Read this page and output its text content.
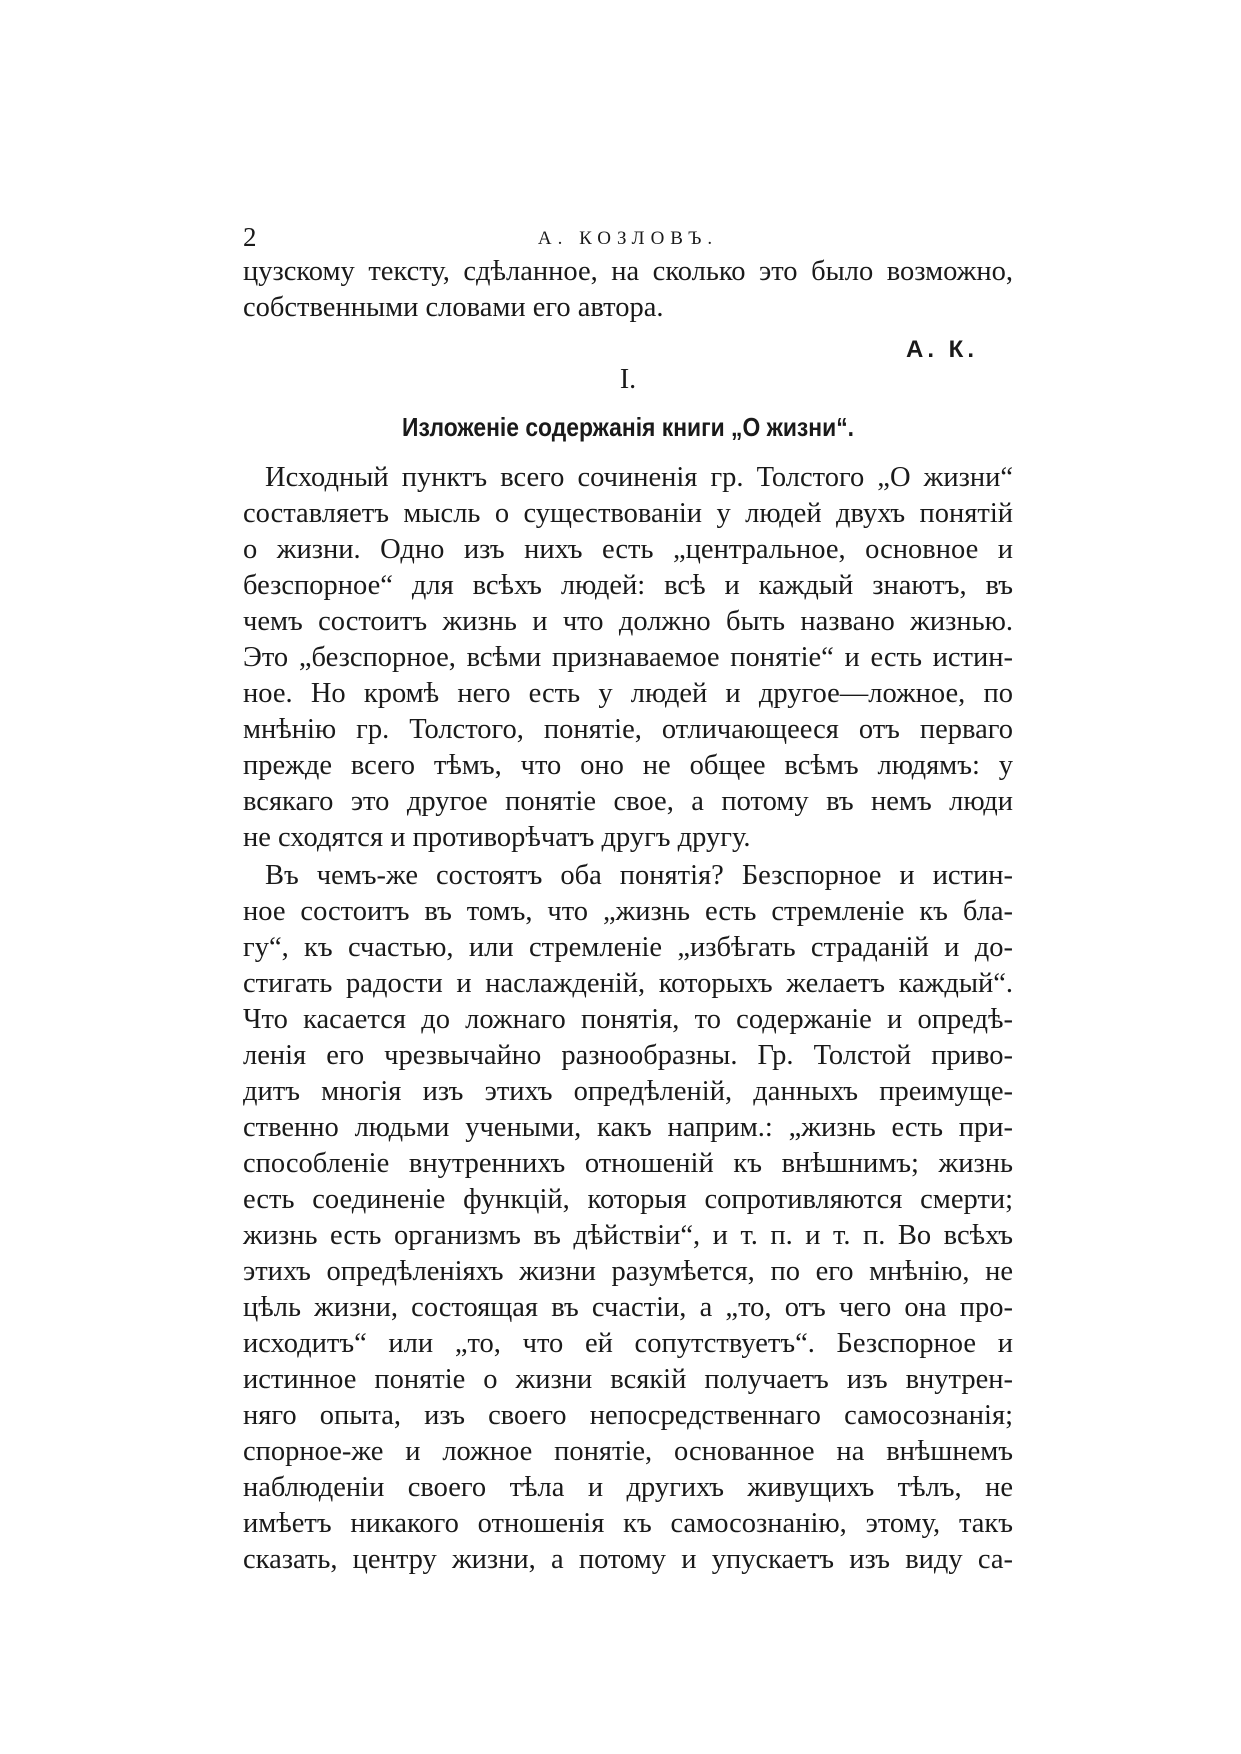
2	А. КОЗЛОВЪ.
цузскому тексту, сдѣланное, на сколько это было возможно,
собственными словами его автора.
А. К.
I.
Изложеніе содержанія книги „О жизни“.
Исходный пунктъ всего сочиненія гр. Толстого „О жизни“
составляетъ мысль о существованіи у людей двухъ понятій
о жизни. Одно изъ нихъ есть „центральное, основное и
безспорное“ для всѣхъ людей: всѣ и каждый знаютъ, въ
чемъ состоитъ жизнь и что должно быть названо жизнью.
Это „безспорное, всѣми признаваемое понятіе“ и есть истин-
ное. Но кромѣ него есть у людей и другое—ложное, по
мнѣнію гр. Толстого, понятіе, отличающееся отъ перваго
прежде всего тѣмъ, что оно не общее всѣмъ людямъ: у
всякаго это другое понятіе свое, а потому въ немъ люди
не сходятся и противорѣчатъ другъ другу.
Въ чемъ-же состоятъ оба понятія? Безспорное и истин-
ное состоитъ въ томъ, что „жизнь есть стремленіе къ бла-
гу“, къ счастью, или стремленіе „избѣгать страданій и до-
стигать радости и наслажденій, которыхъ желаетъ каждый“.
Что касается до ложнаго понятія, то содержаніе и опредѣ-
ленія его чрезвычайно разнообразны. Гр. Толстой приво-
дитъ многія изъ этихъ опредѣленій, данныхъ преимуще-
ственно людьми учеными, какъ наприм.: „жизнь есть при-
способленіе внутреннихъ отношеній къ внѣшнимъ; жизнь
есть соединеніе функцій, которыя сопротивляются смерти;
жизнь есть организмъ въ дѣйствіи“, и т. п. и т. п. Во всѣхъ
этихъ опредѣленіяхъ жизни разумѣется, по его мнѣнію, не
цѣль жизни, состоящая въ счастіи, а „то, отъ чего она про-
исходитъ“ или „то, что ей сопутствуетъ“. Безспорное и
истинное понятіе о жизни всякій получаетъ изъ внутрен-
няго опыта, изъ своего непосредственнаго самосознанія;
спорное-же и ложное понятіе, основанное на внѣшнемъ
наблюденіи своего тѣла и другихъ живущихъ тѣлъ, не
имѣетъ никакого отношенія къ самосознанію, этому, такъ
сказать, центру жизни, а потому и упускаетъ изъ виду са-
